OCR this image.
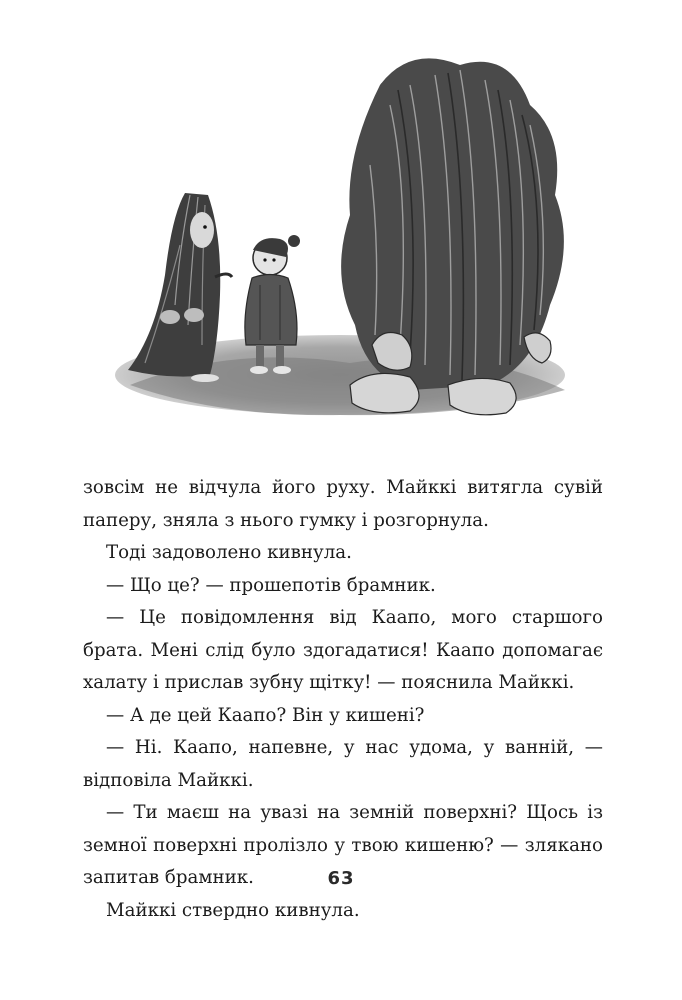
зовсім не відчула його руху. Майккі витягла сувій паперу, зняла з нього гумку і розгорнула.

Тоді задоволено кивнула.

— Що це? — прошепотів брамник.

— Це повідомлення від Каапо, мого старшого брата. Мені слід було здогадатися! Каапо допомагає халату і прислав зубну щітку! — пояснила Майккі.

— А де цей Каапо? Він у кишені?

— Ні. Каапо, напевне, у нас удома, у ванній, — відповіла Майккі.

— Ти маєш на увазі на земній поверхні? Щось із земної поверхні пролізло у твою кишеню? — злякано запитав брамник.

Майккі ствердно кивнула.

63
